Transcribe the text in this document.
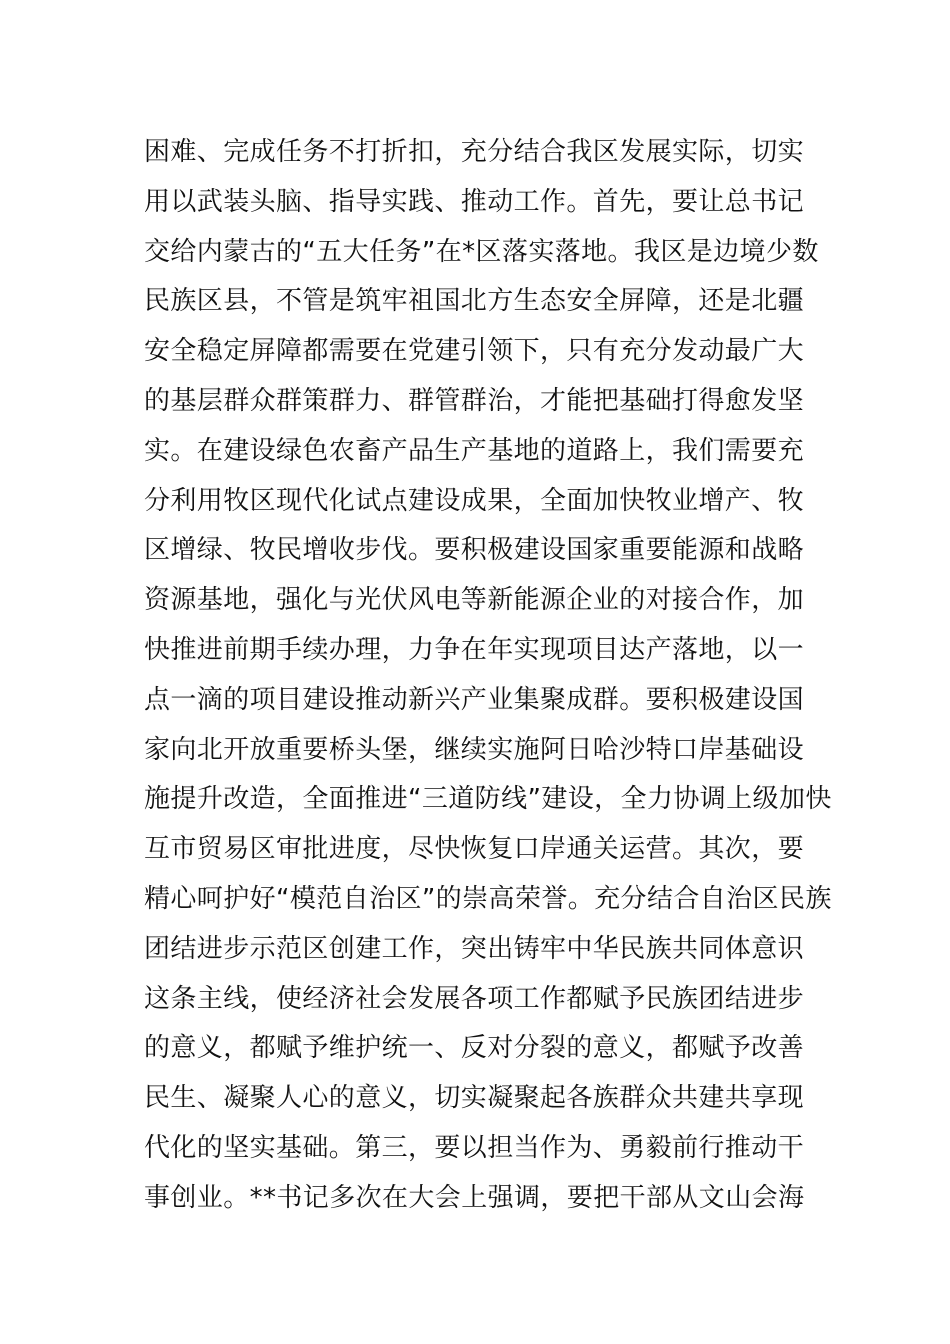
困难、完成任务不打折扣，充分结合我区发展实际，切实
用以武装头脑、指导实践、推动工作。首先，要让总书记
交给内蒙古的“五大任务”在*区落实落地。我区是边境少数
民族区县，不管是筑牢祖国北方生态安全屏障，还是北疆
安全稳定屏障都需要在党建引领下，只有充分发动最广大
的基层群众群策群力、群管群治，才能把基础打得愈发坚
实。在建设绿色农畜产品生产基地的道路上，我们需要充
分利用牧区现代化试点建设成果，全面加快牧业增产、牧
区增绿、牧民增收步伐。要积极建设国家重要能源和战略
资源基地，强化与光伏风电等新能源企业的对接合作，加
快推进前期手续办理，力争在年实现项目达产落地，以一
点一滴的项目建设推动新兴产业集聚成群。要积极建设国
家向北开放重要桥头堡，继续实施阿日哈沙特口岸基础设
施提升改造，全面推进“三道防线”建设，全力协调上级加快
互市贸易区审批进度，尽快恢复口岸通关运营。其次，要
精心呵护好“模范自治区”的崇高荣誉。充分结合自治区民族
团结进步示范区创建工作，突出铸牢中华民族共同体意识
这条主线，使经济社会发展各项工作都赋予民族团结进步
的意义，都赋予维护统一、反对分裂的意义，都赋予改善
民生、凝聚人心的意义，切实凝聚起各族群众共建共享现
代化的坚实基础。第三，要以担当作为、勇毅前行推动干
事创业。**书记多次在大会上强调，要把干部从文山会海
